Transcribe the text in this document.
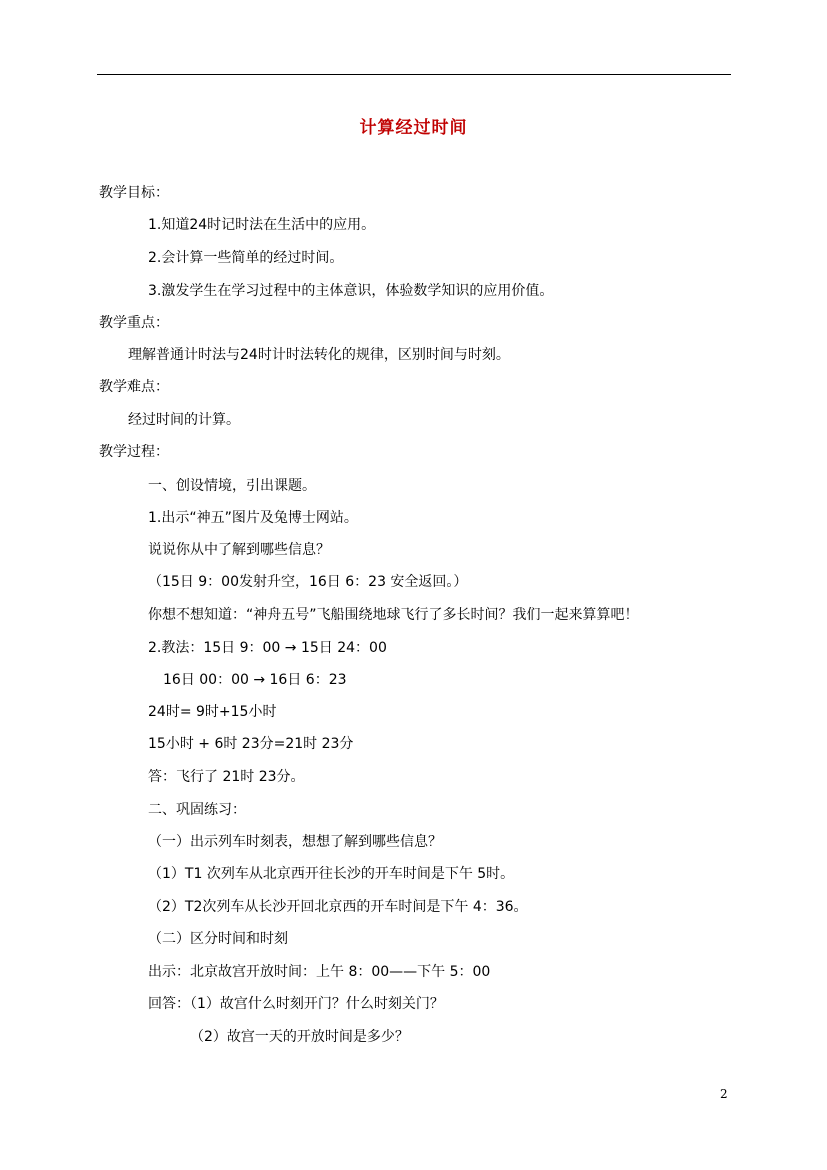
计算经过时间
教学目标：
1.知道24时记时法在生活中的应用。
2.会计算一些简单的经过时间。
3.激发学生在学习过程中的主体意识，体验数学知识的应用价值。
教学重点：
理解普通计时法与24时计时法转化的规律，区别时间与时刻。
教学难点：
经过时间的计算。
教学过程：
一、创设情境，引出课题。
1.出示“神五”图片及兔博士网站。
说说你从中了解到哪些信息？
（15日 9：00发射升空，16日 6：23 安全返回。）
你想不想知道：“神舟五号”飞船围绕地球飞行了多长时间？我们一起来算算吧！
2.教法：15日 9：00 → 15日 24：00
16日 00：00 → 16日 6：23
24时= 9时+15小时
15小时 + 6时 23分=21时 23分
答：飞行了 21时 23分。
二、巩固练习：
（一）出示列车时刻表，想想了解到哪些信息？
（1）T1 次列车从北京西开往长沙的开车时间是下午 5时。
（2）T2次列车从长沙开回北京西的开车时间是下午 4：36。
（二）区分时间和时刻
出示：北京故宫开放时间：上午 8：00——下午 5：00
回答：（1）故宫什么时刻开门？什么时刻关门？
（2）故宫一天的开放时间是多少？
2
